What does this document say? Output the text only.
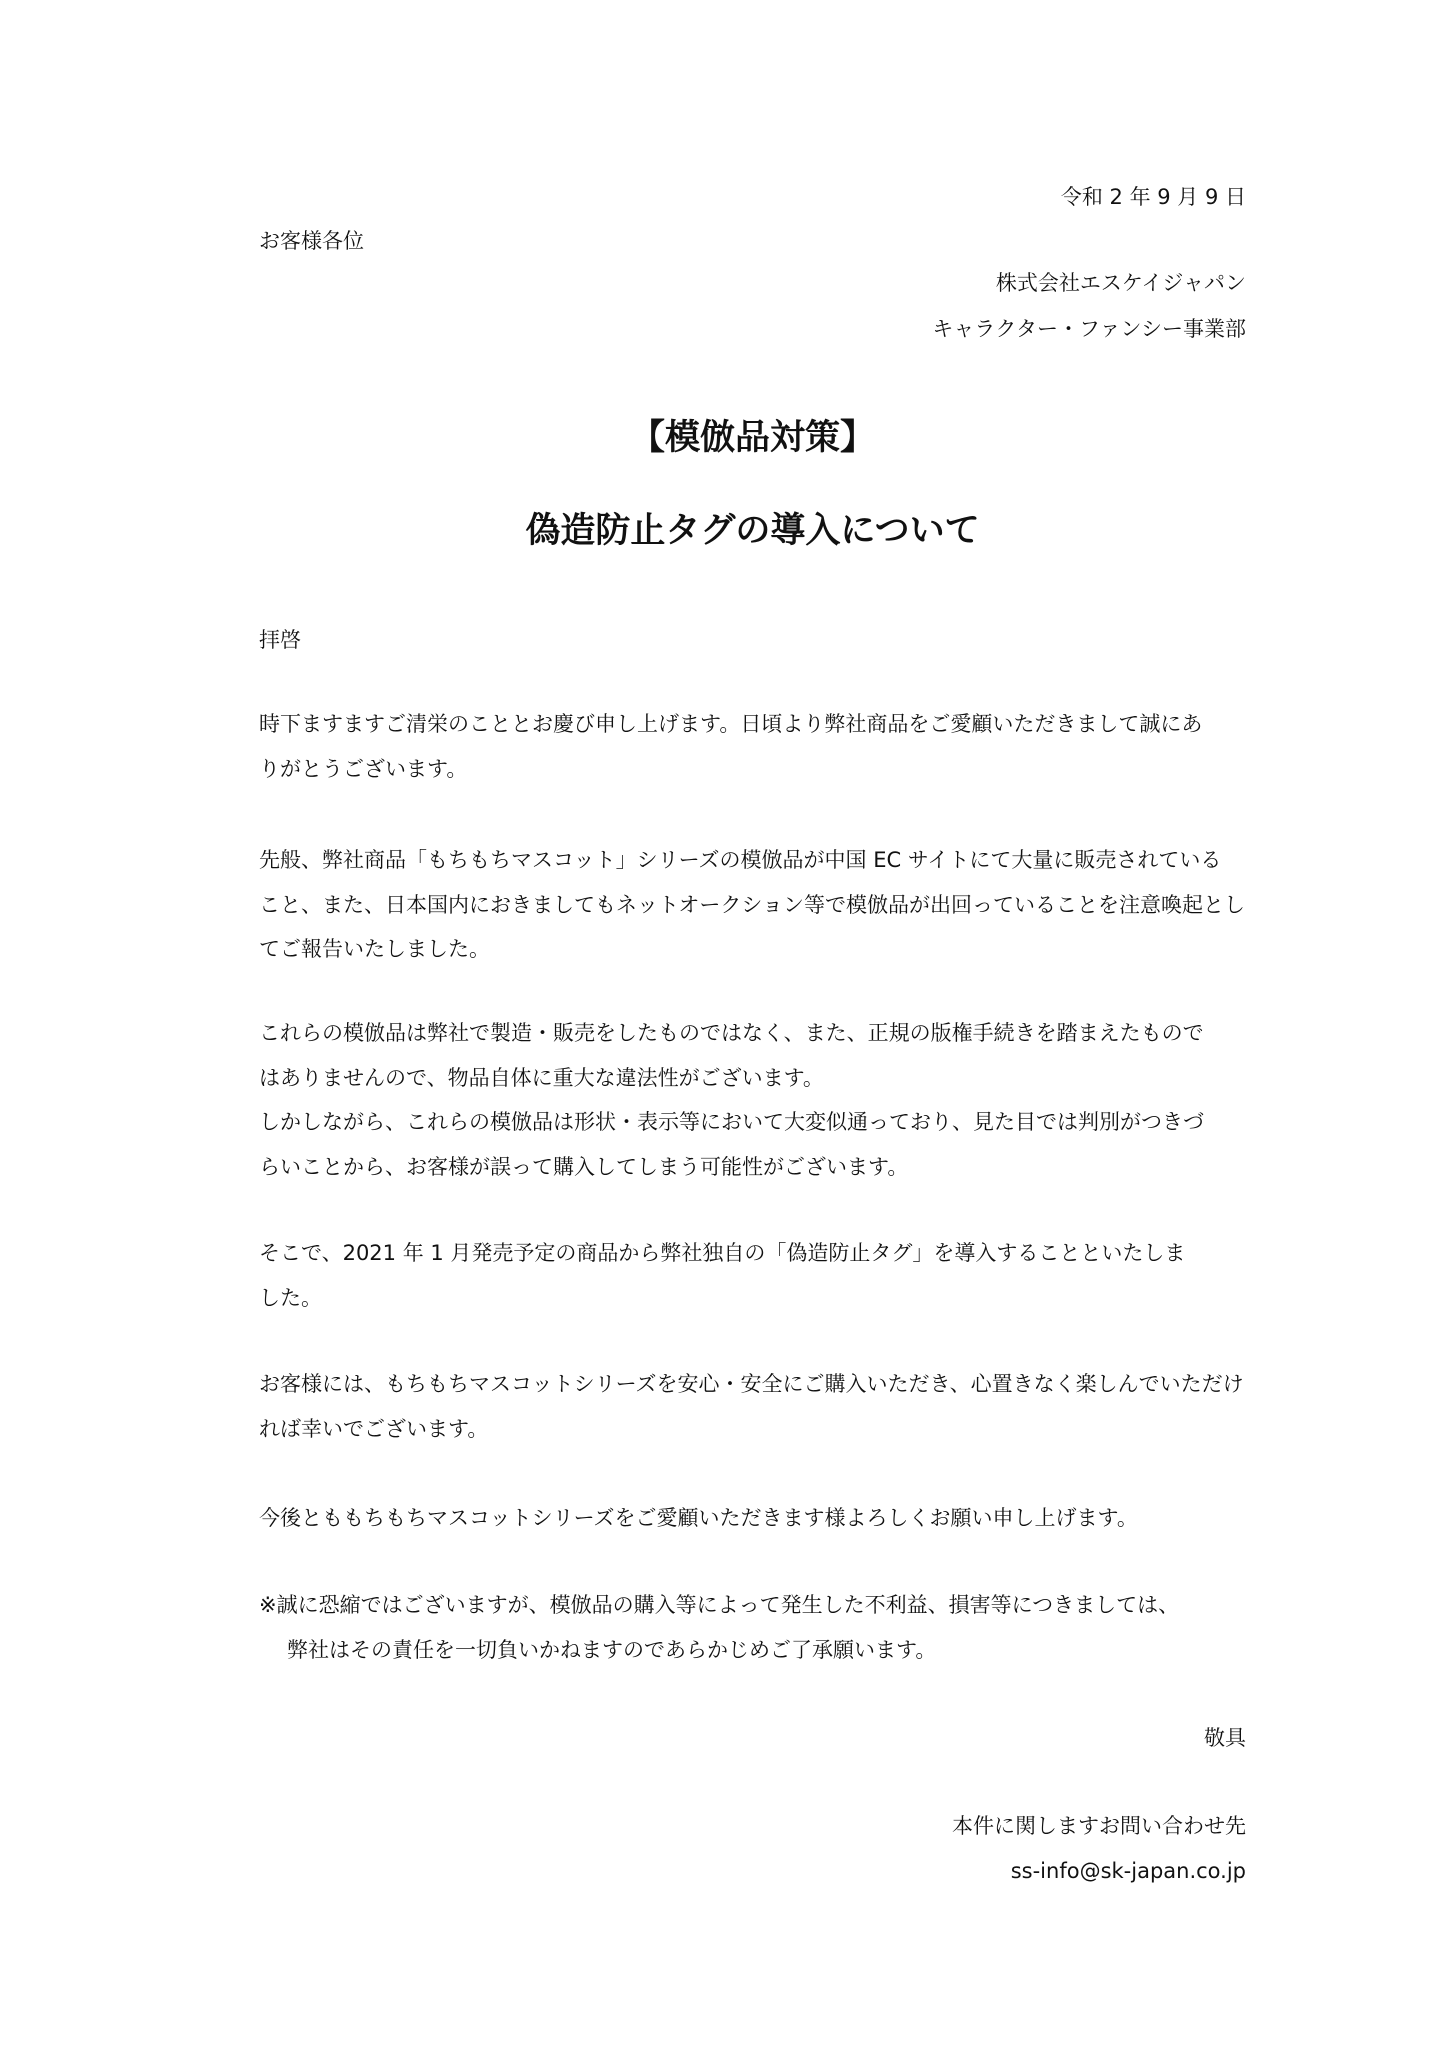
令和 2 年 9 月 9 日
お客様各位
株式会社エスケイジャパン
キャラクター・ファンシー事業部
【模倣品対策】
偽造防止タグの導入について
拝啓
時下ますますご清栄のこととお慶び申し上げます。日頃より弊社商品をご愛顧いただきまして誠にあ
りがとうございます。
先般、弊社商品「もちもちマスコット」シリーズの模倣品が中国 EC サイトにて大量に販売されている
こと、また、日本国内におきましてもネットオークション等で模倣品が出回っていることを注意喚起とし
てご報告いたしました。
これらの模倣品は弊社で製造・販売をしたものではなく、また、正規の版権手続きを踏まえたもので
はありませんので、物品自体に重大な違法性がございます。
しかしながら、これらの模倣品は形状・表示等において大変似通っており、見た目では判別がつきづ
らいことから、お客様が誤って購入してしまう可能性がございます。
そこで、2021 年 1 月発売予定の商品から弊社独自の「偽造防止タグ」を導入することといたしま
した。
お客様には、もちもちマスコットシリーズを安心・安全にご購入いただき、心置きなく楽しんでいただけ
れば幸いでございます。
今後とももちもちマスコットシリーズをご愛顧いただきます様よろしくお願い申し上げます。
※誠に恐縮ではございますが、模倣品の購入等によって発生した不利益、損害等につきましては、
弊社はその責任を一切負いかねますのであらかじめご了承願います。
敬具
本件に関しますお問い合わせ先
ss-info@sk-japan.co.jp
